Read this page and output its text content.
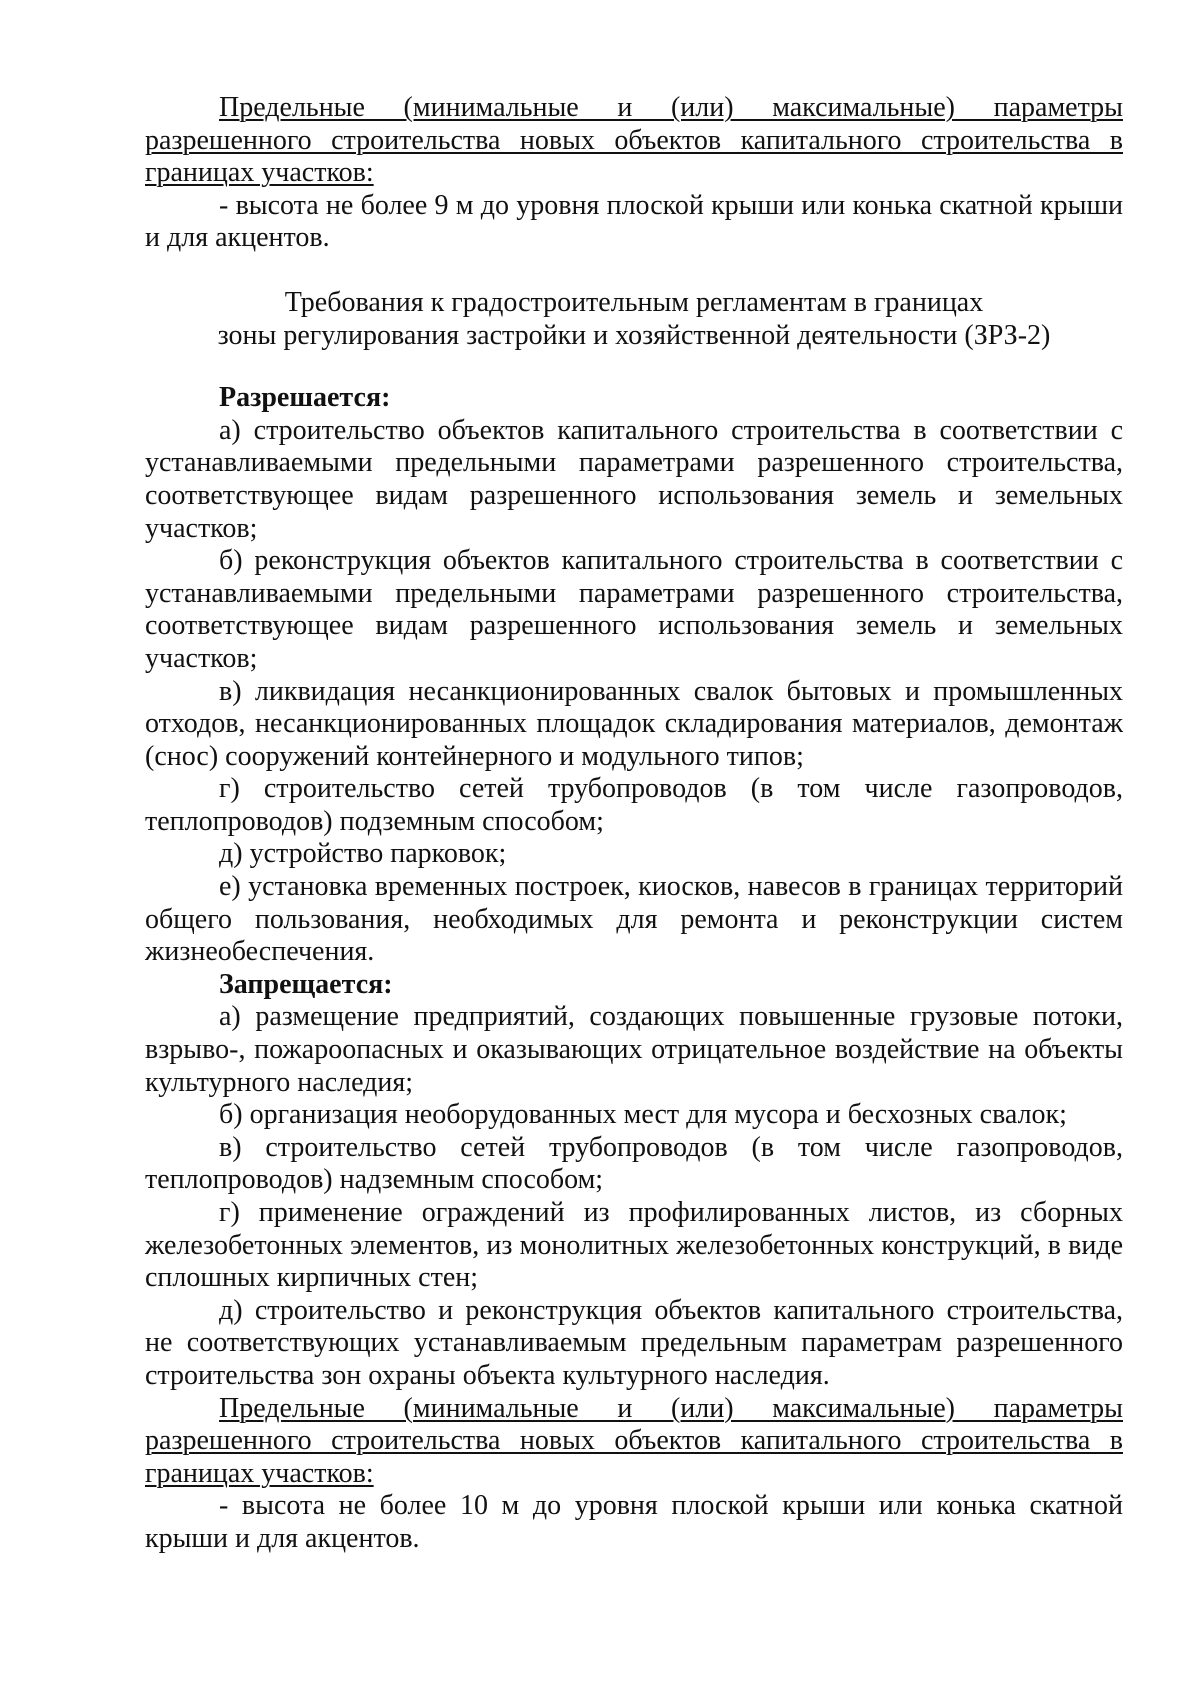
Предельные (минимальные и (или) максимальные) параметры разрешенного строительства новых объектов капитального строительства в границах участков:

- высота не более 9 м до уровня плоской крыши или конька скатной крыши и для акцентов.

Требования к градостроительным регламентам в границах

зоны регулирования застройки и хозяйственной деятельности (ЗРЗ-2)

Разрешается:

а) строительство объектов капитального строительства в соответствии с устанавливаемыми предельными параметрами разрешенного строительства, соответствующее видам разрешенного использования земель и земельных участков;

б) реконструкция объектов капитального строительства в соответствии с устанавливаемыми предельными параметрами разрешенного строительства, соответствующее видам разрешенного использования земель и земельных участков;

в) ликвидация несанкционированных свалок бытовых и промышленных отходов, несанкционированных площадок складирования материалов, демонтаж (снос) сооружений контейнерного и модульного типов;

г) строительство сетей трубопроводов (в том числе газопроводов, теплопроводов) подземным способом;

д) устройство парковок;

е) установка временных построек, киосков, навесов в границах территорий общего пользования, необходимых для ремонта и реконструкции систем жизнеобеспечения.

Запрещается:

а) размещение предприятий, создающих повышенные грузовые потоки, взрыво-, пожароопасных и оказывающих отрицательное воздействие на объекты культурного наследия;

б) организация необорудованных мест для мусора и бесхозных свалок;

в) строительство сетей трубопроводов (в том числе газопроводов, теплопроводов) надземным способом;

г) применение ограждений из профилированных листов, из сборных железобетонных элементов, из монолитных железобетонных конструкций, в виде сплошных кирпичных стен;

д) строительство и реконструкция объектов капитального строительства, не соответствующих устанавливаемым предельным параметрам разрешенного строительства зон охраны объекта культурного наследия.

Предельные (минимальные и (или) максимальные) параметры разрешенного строительства новых объектов капитального строительства в границах участков:

- высота не более 10 м до уровня плоской крыши или конька скатной крыши и для акцентов.
